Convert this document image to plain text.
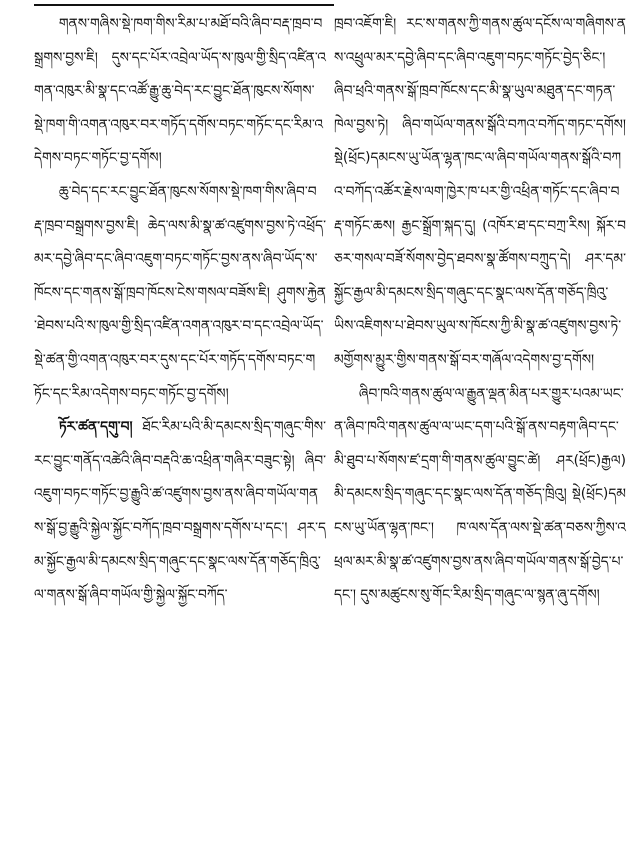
གནས་གཞིས་སྡེ་ཁག་གིས་རིམ་པ་མཐོ་བའི་ཞིབ་བརྡ་ཁྲབ་བསྒྲགས་བྱས་ཇི། དུས་དང་པོར་འབྲེལ་ཡོད་ས་ཁུལ་གྱི་སྲིད་འཛིན་འགན་འཁུར་མི་སྣ་དང་འཚོ་རྒྱུ་ཆུ་བེད་རང་བྱུང་ཐོན་ཁུངས་སོགས་སྡེ་ཁག་གི་འགན་འཁུར་བར་གཏོད་དགོས་བཏང་གཏོང་དང་རིམ་འདེགས་བཏང་གཏོང་བྱ་དགོས།

ཆུ་བེད་དང་རང་བྱུང་ཐོན་ཁུངས་སོགས་སྡེ་ཁག་གིས་ཞིབ་བརྡ་ཁྲབ་བསྒྲགས་བྱས་ཇི། ཆེད་ལས་མི་སྣ་ཚ་འཛུགས་བྱས་ཏེ་འཕྲོད་མར་དབྱེ་ཞིབ་དང་ཞིབ་འཇུག་བཏང་གཏོང་བྱས་ནས་ཞིབ་ཡོད་ས་ཁོངས་དང་གནས་སྒོ་ཁྲབ་ཁོངས་ངེས་གསལ་བཟོས་ཇི། ཤུགས་རྐྱེན་ཐེབས་པའི་ས་ཁུལ་གྱི་སྲིད་འཛིན་འགན་འཁུར་བ་དང་འབྲེལ་ཡོད་སྡེ་ཚན་གྱི་འགན་འཁུར་བར་དུས་དང་པོར་གཏོད་དགོས་བཏང་གཏོང་དང་རིམ་འདེགས་བཏང་གཏོང་བྱ་དགོས།

ཏོར་ཚན་དགུ་བ། ཐོང་རིམ་པའི་མི་དམངས་སྲིད་གཞུང་གིས་རང་བྱུང་གནོད་འཚེའི་ཞིབ་བརྡའི་ཆ་འཕྲིན་གཞིར་བཟུང་སྟེ། ཞིབ་འཇུག་བཏང་གཏོང་བྱ་རྒྱུའི་ཚ་འཛུགས་བྱས་ནས་ཞིབ་གཡོལ་གནས་སྒོ་བྱ་རྒྱུའི་སྐྱེལ་སྐྱོང་བཀོད་ཁྲབ་བསྒྲགས་དགོས་པ་དང་། ཤར་དམ་སྐྱོང་རྒྱལ་མི་དམངས་སྲིད་གཞུང་དང་སྣང་ལས་དོན་གཅོད་ཁྲིའུ་ལ་གནས་སྒོ་ཞིབ་གཡོལ་གྱི་སྐྱེལ་སྐྱོང་བཀོད་

ཁྲབ་འཇོག་ཇི། རང་ས་གནས་ཀྱི་གནས་ཚུལ་དངོས་ལ་གཞིགས་ནས་འཕྲུལ་མར་དབྱེ་ཞིབ་དང་ཞིབ་འཇུག་བཏང་གཏོང་བྱེད་ཅིང་། ཞིབ་ཕྲའི་གནས་སྒོ་ཁྲབ་ཁོངས་དང་མི་སྣ་ཡུལ་མཐུན་དང་གཏན་ཁེལ་བྱས་ཏེ། ཞིབ་གཡོལ་གནས་སྒོའི་བཀའ་བཀོད་གཏང་དགོས། སྡེ(ཕྲོང)དམངས་ཡུ་ཡོན་ལྷན་ཁང་ལ་ཞིབ་གཡོལ་གནས་སྒོའི་བཀའ་བཀོད་འཚོར་རྗེས་ལག་ཁྱེར་ཁ་པར་གྱི་འཕྲིན་གཏོང་དང་ཞིབ་བརྡ་གཏོང་ཆས། རྒྱང་སྒྲོག་སྐད་དུ། (འཁོར་ཐ་དང་བཀྲ་རིས། སྐོར་བཅར་གསལ་བཟོ་སོགས་བྱེད་ཐབས་སྣ་ཚོགས་བཀྲུད་དེ། ཤར་དམ་སྐྱོང་རྒྱལ་མི་དམངས་སྲིད་གཞུང་དང་སྣང་ལས་དོན་གཅོད་ཁྲིའུ་ཡིས་འཇིགས་པ་ཐེབས་ཡུལ་ས་ཁོངས་ཀྱི་མི་སྣ་ཚ་འཛུགས་བྱས་ཏེ་མགྱོགས་མྱུར་གྱིས་གནས་སྒོ་བར་གཞོལ་འདེགས་བྱ་དགོས།

ཞིབ་ཁའི་གནས་ཚུལ་ལ་རྒྱུན་ལྡན་མིན་པར་གྱུར་པའམ་ཡང་ན་ཞིབ་ཁའི་གནས་ཚུལ་ལ་ཡང་དག་པའི་སྒོ་ནས་བརྟག་ཞིབ་དང་མི་ཐུབ་པ་སོགས་ཛ་དྲག་གི་གནས་ཚུལ་བྱུང་ཚེ། ཤར(ཕྲོང)རྒྱལ)མི་དམངས་སྲིད་གཞུང་དང་སྣང་ལས་དོན་གཅོད་ཁྲིའུ། སྡེ(ཕྲོང)དམངས་ཡུ་ཡོན་ལྷན་ཁང་། ཁ་ལས་དོན་ལས་སྡེ་ཚན་བཅས་ཀྱིས་འཕྲལ་མར་མི་སྣ་ཚ་འཛུགས་བྱས་ནས་ཞིབ་གཡོལ་གནས་སྒོ་བྱེད་པ་དང་། དུས་མཚུངས་སུ་གོང་རིམ་སྲིད་གཞུང་ལ་སྙན་ཞུ་དགོས།
